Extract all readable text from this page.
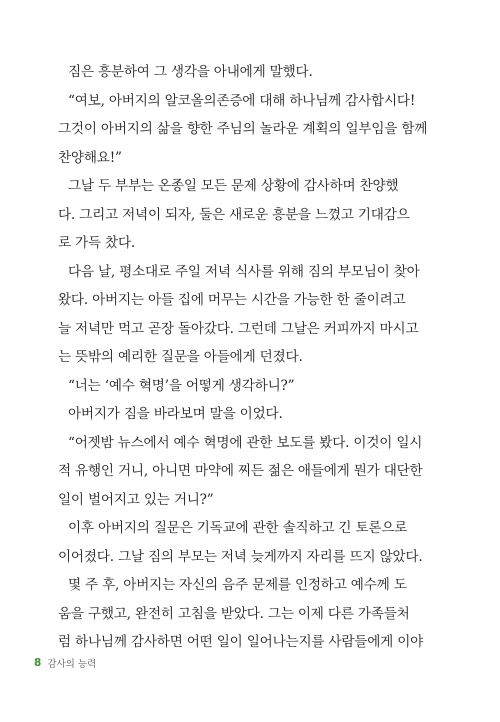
짐은 흥분하여 그 생각을 아내에게 말했다.
“여보, 아버지의 알코올의존증에 대해 하나님께 감사합시다!
그것이 아버지의 삶을 향한 주님의 놀라운 계획의 일부임을 함께
찬양해요!”
그날 두 부부는 온종일 모든 문제 상황에 감사하며 찬양했
다. 그리고 저녁이 되자, 둘은 새로운 흥분을 느꼈고 기대감으
로 가득 찼다.
다음 날, 평소대로 주일 저녁 식사를 위해 짐의 부모님이 찾아
왔다. 아버지는 아들 집에 머무는 시간을 가능한 한 줄이려고
늘 저녁만 먹고 곧장 돌아갔다. 그런데 그날은 커피까지 마시고
는 뜻밖의 예리한 질문을 아들에게 던졌다.
“너는 ‘예수 혁명’을 어떻게 생각하니?”
아버지가 짐을 바라보며 말을 이었다.
“어젯밤 뉴스에서 예수 혁명에 관한 보도를 봤다. 이것이 일시
적 유행인 거니, 아니면 마약에 찌든 젊은 애들에게 뭔가 대단한
일이 벌어지고 있는 거니?”
이후 아버지의 질문은 기독교에 관한 솔직하고 긴 토론으로
이어졌다. 그날 짐의 부모는 저녁 늦게까지 자리를 뜨지 않았다.
몇 주 후, 아버지는 자신의 음주 문제를 인정하고 예수께 도
움을 구했고, 완전히 고침을 받았다. 그는 이제 다른 가족들처
럼 하나님께 감사하면 어떤 일이 일어나는지를 사람들에게 이야
8 감사의 능력
